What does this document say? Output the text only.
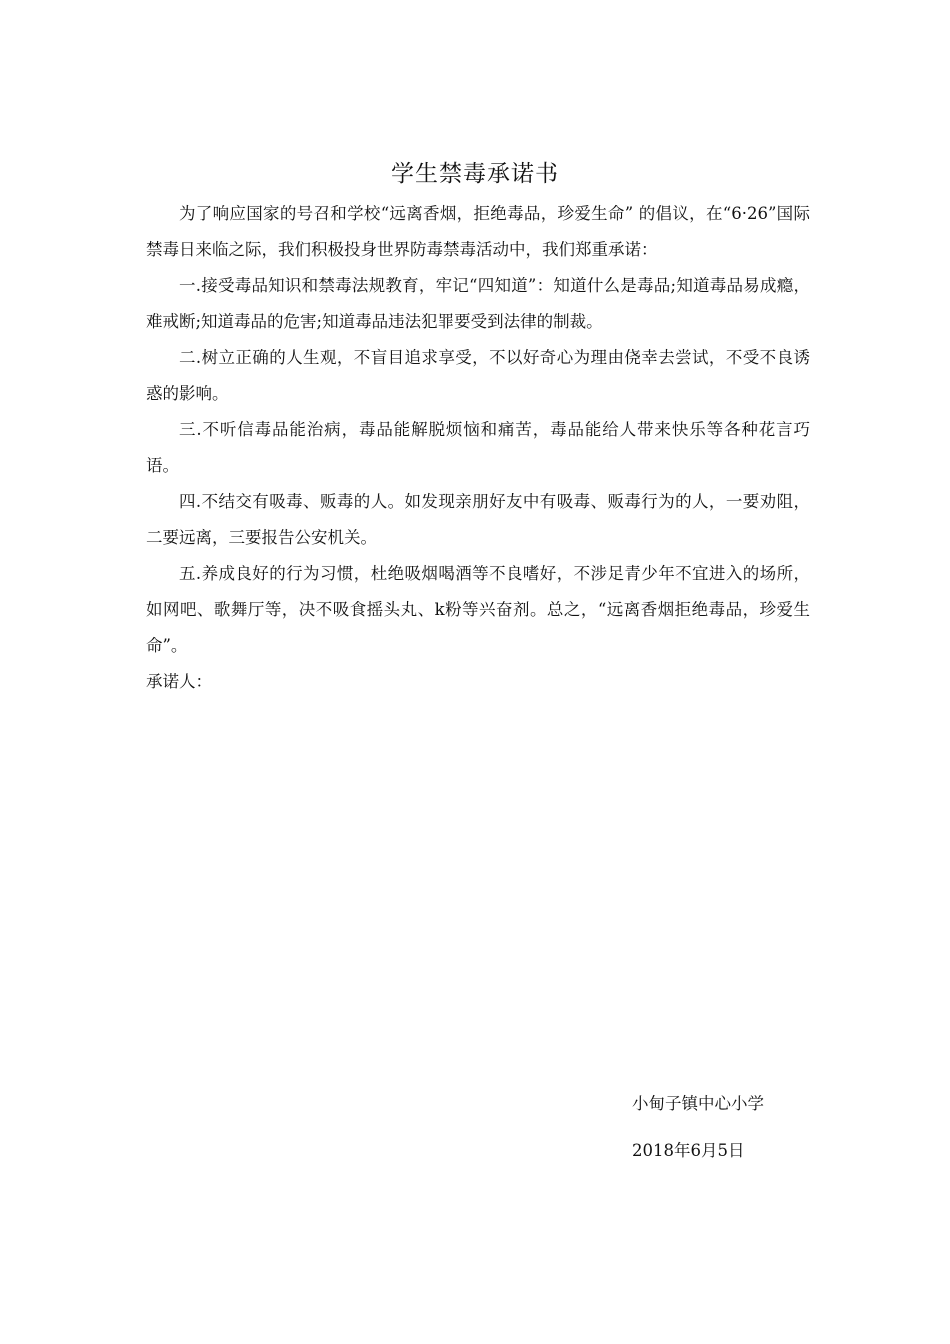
学生禁毒承诺书

为了响应国家的号召和学校“远离香烟，拒绝毒品，珍爱生命” 的倡议，在“6·26”国际禁毒日来临之际，我们积极投身世界防毒禁毒活动中，我们郑重承诺：

一.接受毒品知识和禁毒法规教育，牢记“四知道”：知道什么是毒品;知道毒品易成瘾，难戒断;知道毒品的危害;知道毒品违法犯罪要受到法律的制裁。

二.树立正确的人生观，不盲目追求享受，不以好奇心为理由侥幸去尝试，不受不良诱惑的影响。

三.不听信毒品能治病，毒品能解脱烦恼和痛苦，毒品能给人带来快乐等各种花言巧语。

四.不结交有吸毒、贩毒的人。如发现亲朋好友中有吸毒、贩毒行为的人，一要劝阻，二要远离，三要报告公安机关。

五.养成良好的行为习惯，杜绝吸烟喝酒等不良嗜好，不涉足青少年不宜进入的场所，如网吧、歌舞厅等，决不吸食摇头丸、k粉等兴奋剂。总之，“远离香烟拒绝毒品，珍爱生命”。

承诺人：

小甸子镇中心小学

2018年6月5日
